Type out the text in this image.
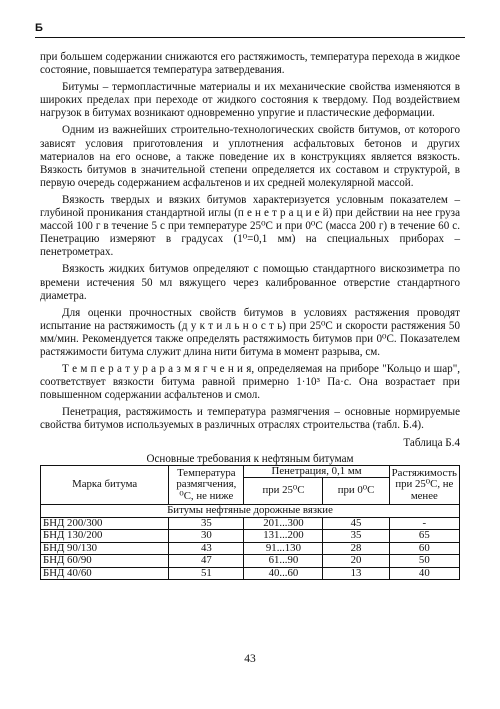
Б

при большем содержании снижаются его растяжимость, температура перехода в жидкое состояние, повышается температура затвердевания.

Битумы – термопластичные материалы и их механические свойства изменяются в широких пределах при переходе от жидкого состояния к твердому. Под воздействием нагрузок в битумах возникают одновременно упругие и пластические деформации.

Одним из важнейших строительно-технологических свойств битумов, от которого зависят условия приготовления и уплотнения асфальтовых бетонов и других материалов на его основе, а также поведение их в конструкциях является вязкость. Вязкость битумов в значительной степени определяется их составом и структурой, в первую очередь содержанием асфальтенов и их средней молекулярной массой.

Вязкость твердых и вязких битумов характеризуется условным показателем – глубиной проникания стандартной иглы (п е н е т р а ц и е й) при действии на нее груза массой 100 г в течение 5 с при температуре 25⁰С и при 0⁰С (масса 200 г) в течение 60 с. Пенетрацию измеряют в градусах (1⁰=0,1 мм) на специальных приборах – пенетрометрах.

Вязкость жидких битумов определяют с помощью стандартного вискозиметра по времени истечения 50 мл вяжущего через калиброванное отверстие стандартного диаметра.

Для оценки прочностных свойств битумов в условиях растяжения проводят испытание на растяжимость (д у к т и л ь н о с т ь) при 25⁰С и скорости растяжения 50 мм/мин. Рекомендуется также определять растяжимость битумов при 0⁰С. Показателем растяжимости битума служит длина нити битума в момент разрыва, см.

Т е м п е р а т у р а р а з м я г ч е н и я, определяемая на приборе "Кольцо и шар", соответствует вязкости битума равной примерно 1·10³ Па·с. Она возрастает при повышенном содержании асфальтенов и смол.

Пенетрация, растяжимость и температура размягчения – основные нормируемые свойства битумов используемых в различных отраслях строительства (табл. Б.4).

Таблица Б.4
Основные требования к нефтяным битумам
Марка битума	Температура размягчения, ⁰С, не ниже	Пенетрация, 0,1 мм		Растяжимость при 25⁰С, не менее
		при 25⁰С	при 0⁰С	
Битумы нефтяные дорожные вязкие				
БНД 200/300	35	201...300	45	-
БНД 130/200	30	131...200	35	65
БНД 90/130	43	91...130	28	60
БНД 60/90	47	61...90	20	50
БНД 40/60	51	40...60	13	40
43
